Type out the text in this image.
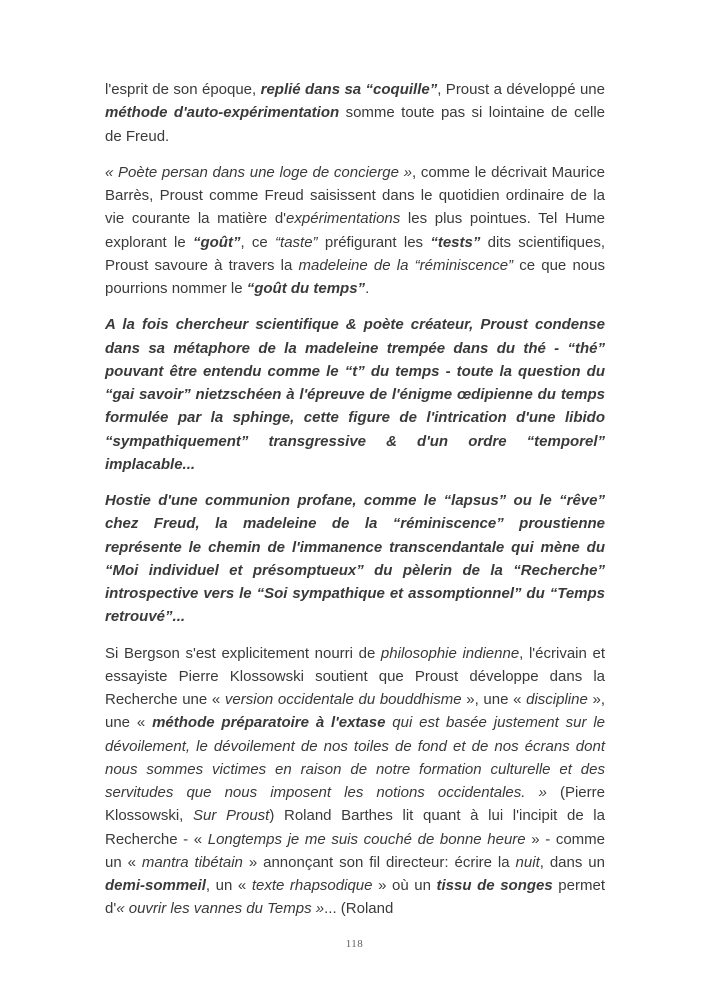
l'esprit de son époque, replié dans sa “coquille”, Proust a développé une méthode d'auto-expérimentation somme toute pas si lointaine de celle de Freud.

« Poète persan dans une loge de concierge », comme le décrivait Maurice Barrès, Proust comme Freud saisissent dans le quotidien ordinaire de la vie courante la matière d'expérimentations les plus pointues. Tel Hume explorant le “goût”, ce “taste” préfigurant les “tests” dits scientifiques, Proust savoure à travers la madeleine de la “réminiscence” ce que nous pourrions nommer le “goût du temps”.

A la fois chercheur scientifique & poète créateur, Proust condense dans sa métaphore de la madeleine trempée dans du thé - “thé” pouvant être entendu comme le “t” du temps - toute la question du “gai savoir” nietzschéen à l'épreuve de l'énigme œdipienne du temps formulée par la sphinge, cette figure de l'intrication d'une libido “sympathiquement” transgressive & d'un ordre “temporel” implacable...

Hostie d'une communion profane, comme le “lapsus” ou le “rêve” chez Freud, la madeleine de la “réminiscence” proustienne représente le chemin de l'immanence transcendantale qui mène du “Moi individuel et présomptueux” du pèlerin de la “Recherche” introspective vers le “Soi sympathique et assomptionnel” du “Temps retrouvé”...

Si Bergson s'est explicitement nourri de philosophie indienne, l'écrivain et essayiste Pierre Klossowski soutient que Proust développe dans la Recherche une « version occidentale du bouddhisme », une « discipline », une « méthode préparatoire à l'extase qui est basée justement sur le dévoilement, le dévoilement de nos toiles de fond et de nos écrans dont nous sommes victimes en raison de notre formation culturelle et des servitudes que nous imposent les notions occidentales. » (Pierre Klossowski, Sur Proust) Roland Barthes lit quant à lui l'incipit de la Recherche - « Longtemps je me suis couché de bonne heure » - comme un « mantra tibétain » annonçant son fil directeur: écrire la nuit, dans un demi-sommeil, un « texte rhapsodique » où un tissu de songes permet d'« ouvrir les vannes du Temps »... (Roland

118
